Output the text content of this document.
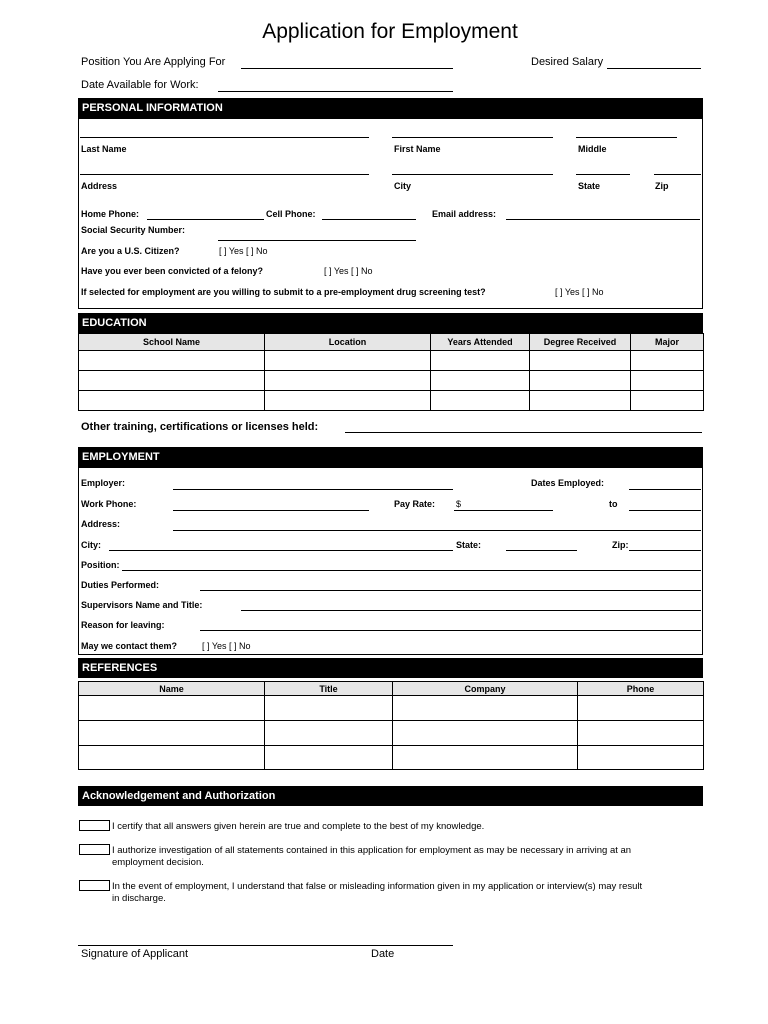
Application for Employment
Position You Are Applying For	Desired Salary
Date Available for Work:
PERSONAL INFORMATION
Last Name	First Name	Middle
Address	City	State	Zip
Home Phone:	Cell Phone:	Email address:
Social Security Number:
Are you a U.S. Citizen?	[ ] Yes [ ] No
Have you ever been convicted of a felony?	[ ] Yes [ ] No
If selected for employment are you willing to submit to a pre-employment drug screening test?	[ ] Yes [ ] No
EDUCATION
School Name	Location	Years Attended	Degree Received	Major

Other training, certifications or licenses held:
EMPLOYMENT
Employer:	Dates Employed:
Work Phone:	Pay Rate: $	to
Address:
City:	State:	Zip:
Position:
Duties Performed:
Supervisors Name and Title:
Reason for leaving:
May we contact them?	[ ] Yes [ ] No
REFERENCES
Name	Title	Company	Phone

Acknowledgement and Authorization
I certify that all answers given herein are true and complete to the best of my knowledge.
I authorize investigation of all statements contained in this application for employment as may be necessary in arriving at an employment decision.
In the event of employment, I understand that false or misleading information given in my application or interview(s) may result in discharge.
Signature of Applicant	Date
